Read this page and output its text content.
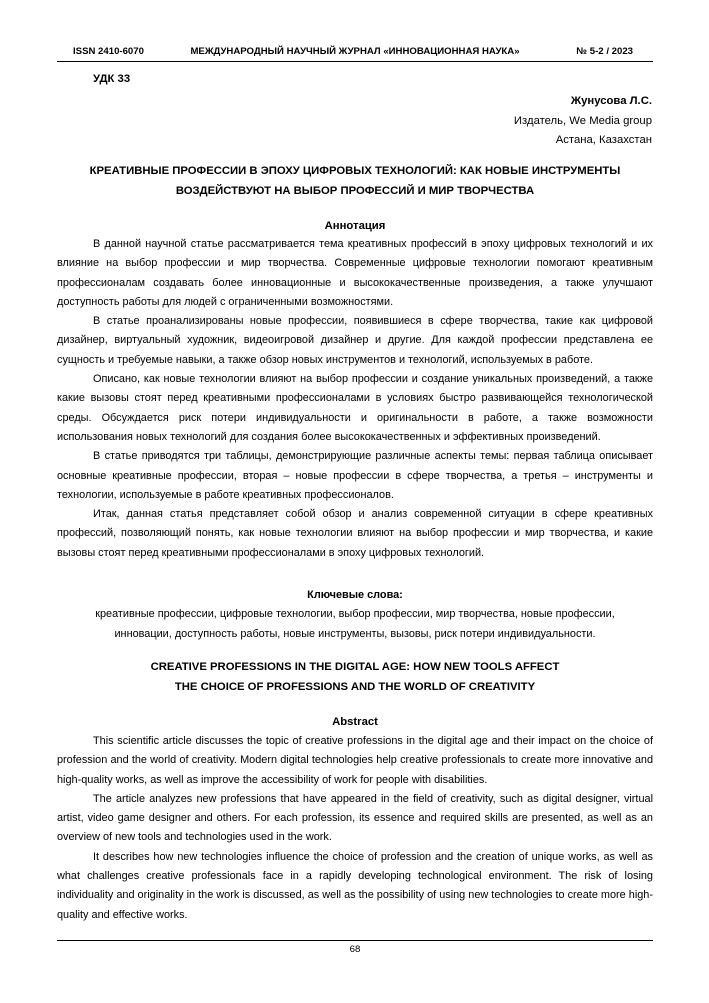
ISSN 2410-6070	МЕЖДУНАРОДНЫЙ НАУЧНЫЙ ЖУРНАЛ «ИННОВАЦИОННАЯ НАУКА»	№ 5-2 / 2023
УДК 33
Жунусова Л.С.
Издатель, We Media group
Астана, Казахстан
КРЕАТИВНЫЕ ПРОФЕССИИ В ЭПОХУ ЦИФРОВЫХ ТЕХНОЛОГИЙ: КАК НОВЫЕ ИНСТРУМЕНТЫ
ВОЗДЕЙСТВУЮТ НА ВЫБОР ПРОФЕССИЙ И МИР ТВОРЧЕСТВА
Аннотация

В данной научной статье рассматривается тема креативных профессий в эпоху цифровых технологий и их влияние на выбор профессии и мир творчества. Современные цифровые технологии помогают креативным профессионалам создавать более инновационные и высококачественные произведения, а также улучшают доступность работы для людей с ограниченными возможностями.

В статье проанализированы новые профессии, появившиеся в сфере творчества, такие как цифровой дизайнер, виртуальный художник, видеоигровой дизайнер и другие. Для каждой профессии представлена ее сущность и требуемые навыки, а также обзор новых инструментов и технологий, используемых в работе.

Описано, как новые технологии влияют на выбор профессии и создание уникальных произведений, а также какие вызовы стоят перед креативными профессионалами в условиях быстро развивающейся технологической среды. Обсуждается риск потери индивидуальности и оригинальности в работе, а также возможности использования новых технологий для создания более высококачественных и эффективных произведений.

В статье приводятся три таблицы, демонстрирующие различные аспекты темы: первая таблица описывает основные креативные профессии, вторая – новые профессии в сфере творчества, а третья – инструменты и технологии, используемые в работе креативных профессионалов.

Итак, данная статья представляет собой обзор и анализ современной ситуации в сфере креативных профессий, позволяющий понять, как новые технологии влияют на выбор профессии и мир творчества, и какие вызовы стоят перед креативными профессионалами в эпоху цифровых технологий.

Ключевые слова:
креативные профессии, цифровые технологии, выбор профессии, мир творчества, новые профессии,
инновации, доступность работы, новые инструменты, вызовы, риск потери индивидуальности.
CREATIVE PROFESSIONS IN THE DIGITAL AGE: HOW NEW TOOLS AFFECT
THE CHOICE OF PROFESSIONS AND THE WORLD OF CREATIVITY
Abstract

This scientific article discusses the topic of creative professions in the digital age and their impact on the choice of profession and the world of creativity. Modern digital technologies help creative professionals to create more innovative and high-quality works, as well as improve the accessibility of work for people with disabilities.

The article analyzes new professions that have appeared in the field of creativity, such as digital designer, virtual artist, video game designer and others. For each profession, its essence and required skills are presented, as well as an overview of new tools and technologies used in the work.

It describes how new technologies influence the choice of profession and the creation of unique works, as well as what challenges creative professionals face in a rapidly developing technological environment. The risk of losing individuality and originality in the work is discussed, as well as the possibility of using new technologies to create more high-quality and effective works.

68
